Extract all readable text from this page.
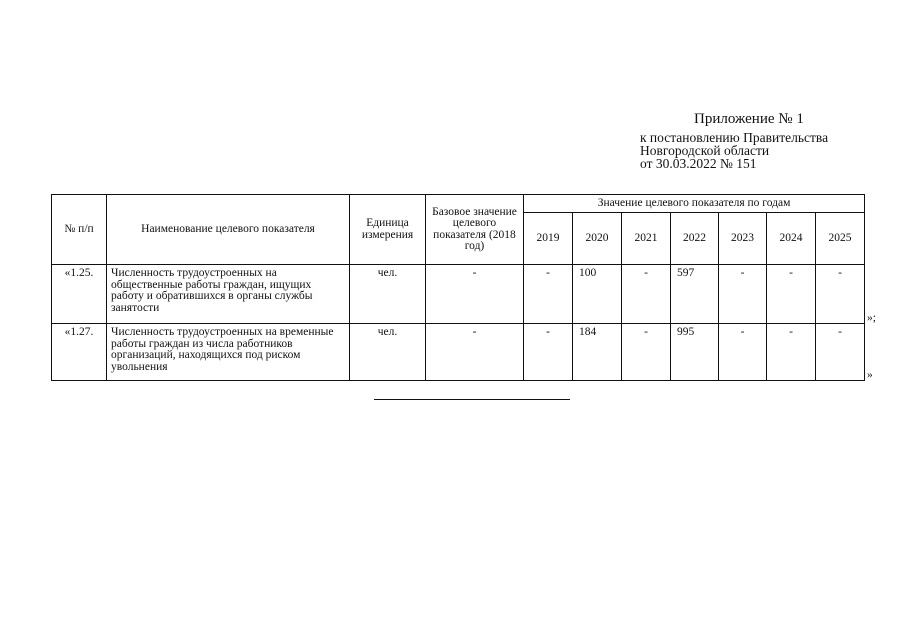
Приложение № 1
к постановлению Правительства
Новгородской области
от 30.03.2022 № 151
№ п/п	Наименование целевого показателя	Единица измерения	Базовое значение целевого показателя (2018 год)	Значение целевого показателя по годам						
				2019	2020	2021	2022	2023	2024	2025
«1.25.	Численность трудоустроенных на общественные работы граждан, ищущих работу и обратившихся в органы службы занятости	чел.	-	-	100	-	597	-	-	-
«1.27.	Численность трудоустроенных на временные работы граждан из числа работников организаций, находящихся под риском увольнения	чел.	-	-	184	-	995	-	-	-
»;
»
